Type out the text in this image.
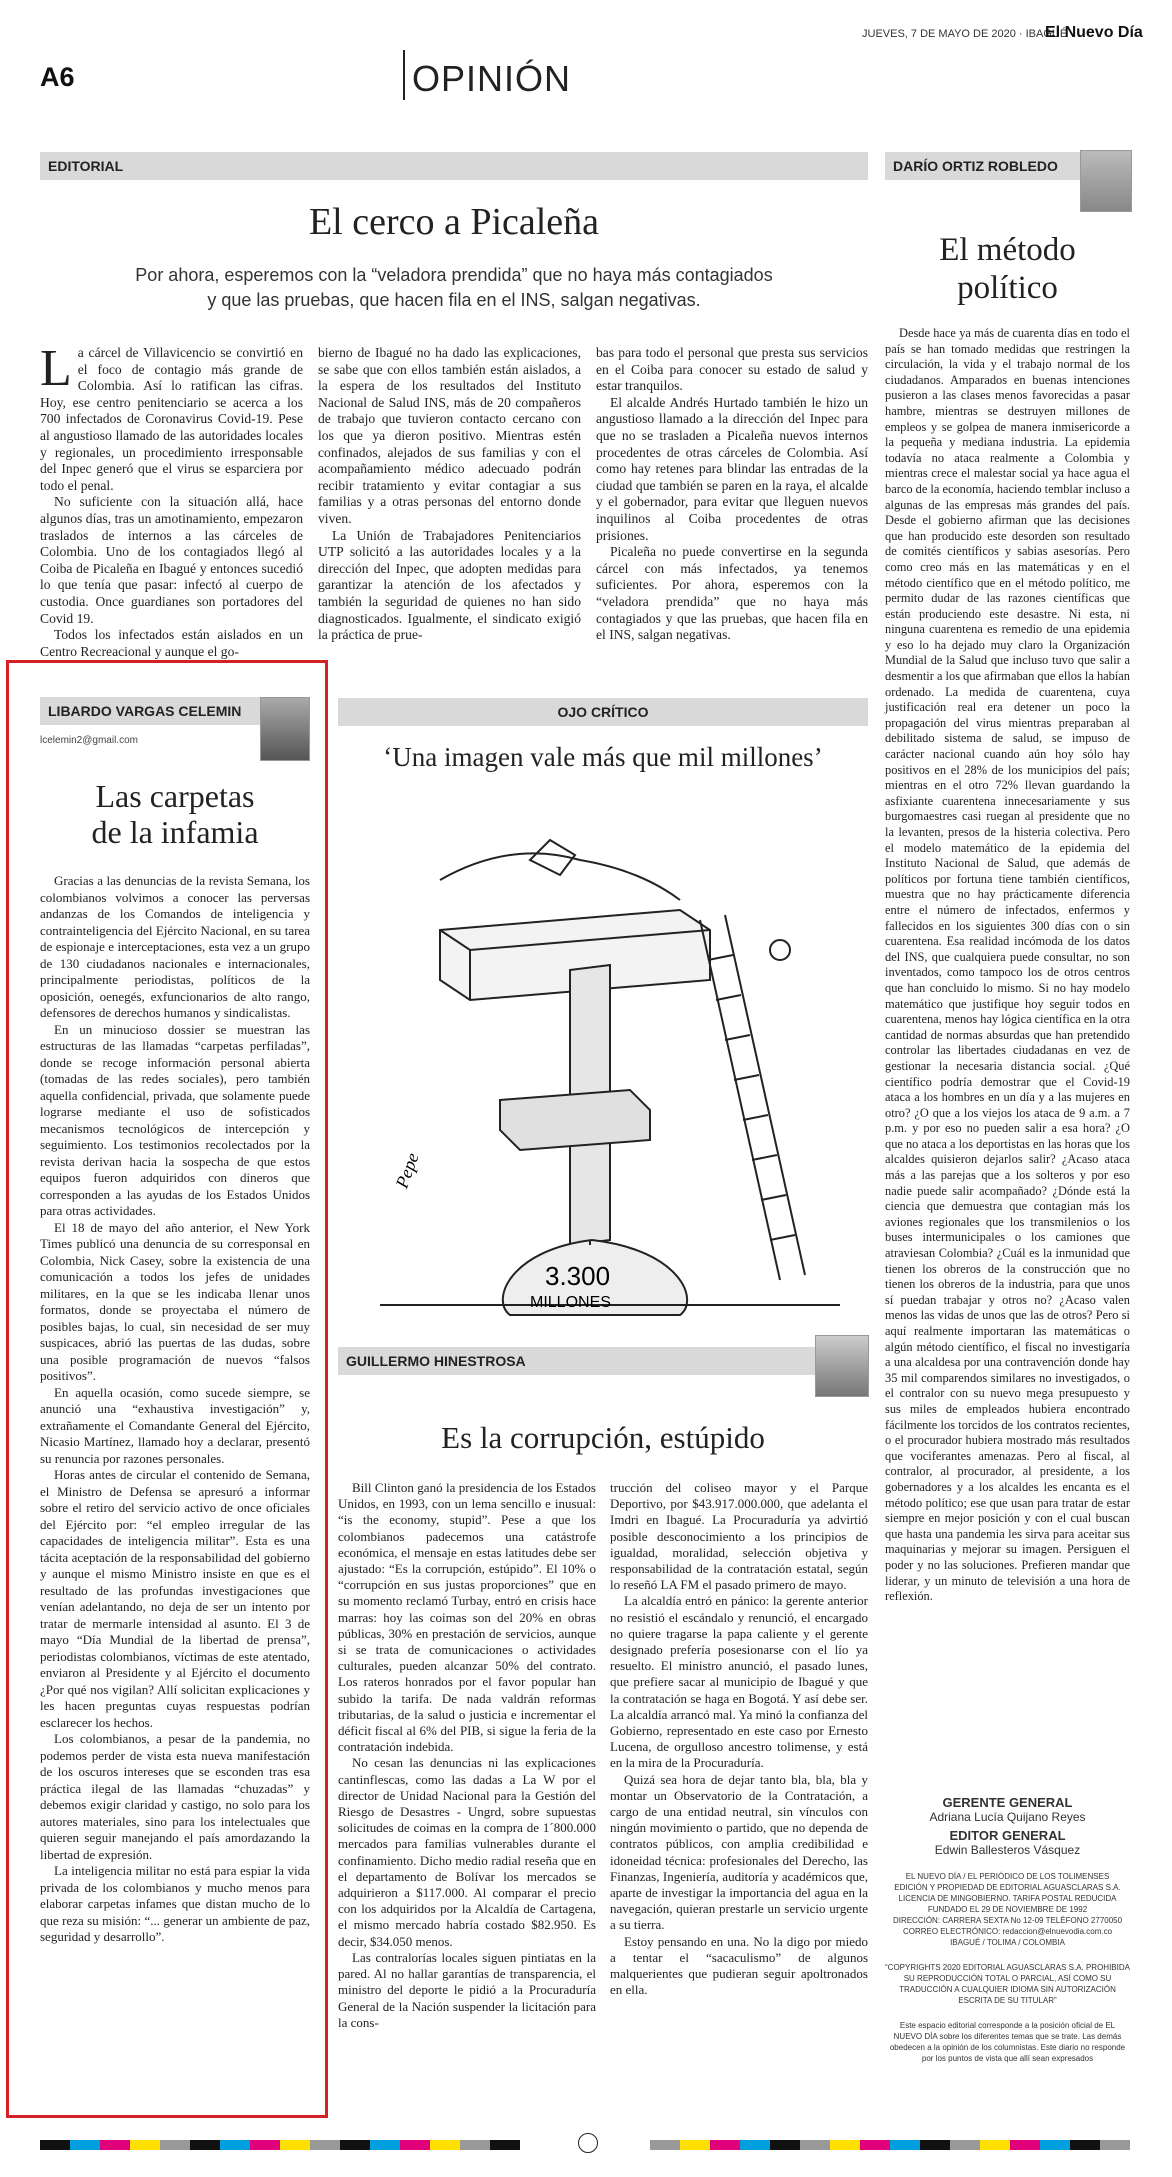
JUEVES, 7 DE MAYO DE 2020 · IBAGUÉ
El Nuevo Día
A6	OPINIÓN
EDITORIAL
El cerco a Picaleña
Por ahora, esperemos con la “veladora prendida” que no haya más contagiados
y que las pruebas, que hacen fila en el INS, salgan negativas.
L a cárcel de Villavicencio se convirtió en el foco de contagio más grande de Colombia. Así lo ratifican las cifras. Hoy, ese centro penitenciario se acerca a los 700 infectados de Coronavirus Covid-19. Pese al angustioso llamado de las autoridades locales y regionales, un procedimiento irresponsable del Inpec generó que el virus se esparciera por todo el penal.

No suficiente con la situación allá, hace algunos días, tras un amotinamiento, empezaron traslados de internos a las cárceles de Colombia. Uno de los contagiados llegó al Coiba de Picaleña en Ibagué y entonces sucedió lo que tenía que pasar: infectó al cuerpo de custodia. Once guardianes son portadores del Covid 19.

Todos los infectados están aislados en un Centro Recreacional y aunque el go-

bierno de Ibagué no ha dado las explicaciones, se sabe que con ellos también están aislados, a la espera de los resultados del Instituto Nacional de Salud INS, más de 20 compañeros de trabajo que tuvieron contacto cercano con los que ya dieron positivo. Mientras estén confinados, alejados de sus familias y con el acompañamiento médico adecuado podrán recibir tratamiento y evitar contagiar a sus familias y a otras personas del entorno donde viven.

La Unión de Trabajadores Penitenciarios UTP solicitó a las autoridades locales y a la dirección del Inpec, que adopten medidas para garantizar la atención de los afectados y también la seguridad de quienes no han sido diagnosticados. Igualmente, el sindicato exigió la práctica de prue-

bas para todo el personal que presta sus servicios en el Coiba para conocer su estado de salud y estar tranquilos.

El alcalde Andrés Hurtado también le hizo un angustioso llamado a la dirección del Inpec para que no se trasladen a Picaleña nuevos internos procedentes de otras cárceles de Colombia. Así como hay retenes para blindar las entradas de la ciudad que también se paren en la raya, el alcalde y el gobernador, para evitar que lleguen nuevos inquilinos al Coiba procedentes de otras prisiones.

Picaleña no puede convertirse en la segunda cárcel con más infectados, ya tenemos suficientes. Por ahora, esperemos con la “veladora prendida” que no haya más contagiados y que las pruebas, que hacen fila en el INS, salgan negativas.

DARÍO ORTIZ ROBLEDO
El método
político

Desde hace ya más de cuarenta días en todo el país se han tomado medidas que restringen la circulación, la vida y el trabajo normal de los ciudadanos. Amparados en buenas intenciones pusieron a las clases menos favorecidas a pasar hambre, mientras se destruyen millones de empleos y se golpea de manera inmisericorde a la pequeña y mediana industria. La epidemia todavía no ataca realmente a Colombia y mientras crece el malestar social ya hace agua el barco de la economía, haciendo temblar incluso a algunas de las empresas más grandes del país. Desde el gobierno afirman que las decisiones que han producido este desorden son resultado de comités científicos y sabias asesorías. Pero como creo más en las matemáticas y en el método científico que en el método político, me permito dudar de las razones científicas que están produciendo este desastre. Ni esta, ni ninguna cuarentena es remedio de una epidemia y eso lo ha dejado muy claro la Organización Mundial de la Salud que incluso tuvo que salir a desmentir a los que afirmaban que ellos la habían ordenado. La medida de cuarentena, cuya justificación real era detener un poco la propagación del virus mientras preparaban al debilitado sistema de salud, se impuso de carácter nacional cuando aún hoy sólo hay positivos en el 28% de los municipios del país; mientras en el otro 72% llevan guardando la asfixiante cuarentena innecesariamente y sus burgomaestres casi ruegan al presidente que no la levanten, presos de la histeria colectiva. Pero el modelo matemático de la epidemia del Instituto Nacional de Salud, que además de políticos por fortuna tiene también científicos, muestra que no hay prácticamente diferencia entre el número de infectados, enfermos y fallecidos en los siguientes 300 días con o sin cuarentena. Esa realidad incómoda de los datos del INS, que cualquiera puede consultar, no son inventados, como tampoco los de otros centros que han concluido lo mismo. Si no hay modelo matemático que justifique hoy seguir todos en cuarentena, menos hay lógica científica en la otra cantidad de normas absurdas que han pretendido controlar las libertades ciudadanas en vez de gestionar la necesaria distancia social. ¿Qué científico podría demostrar que el Covid-19 ataca a los hombres en un día y a las mujeres en otro? ¿O que a los viejos los ataca de 9 a.m. a 7 p.m. y por eso no pueden salir a esa hora? ¿O que no ataca a los deportistas en las horas que los alcaldes quisieron dejarlos salir? ¿Acaso ataca más a las parejas que a los solteros y por eso nadie puede salir acompañado? ¿Dónde está la ciencia que demuestra que contagian más los aviones regionales que los transmilenios o los buses intermunicipales o los camiones que atraviesan Colombia? ¿Cuál es la inmunidad que tienen los obreros de la construcción que no tienen los obreros de la industria, para que unos sí puedan trabajar y otros no? ¿Acaso valen menos las vidas de unos que las de otros? Pero si aquí realmente importaran las matemáticas o algún método científico, el fiscal no investigaría a una alcaldesa por una contravención donde hay 35 mil comparendos similares no investigados, o el contralor con su nuevo mega presupuesto y sus miles de empleados hubiera encontrado fácilmente los torcidos de los contratos recientes, o el procurador hubiera mostrado más resultados que vociferantes amenazas. Pero al fiscal, al contralor, al procurador, al presidente, a los gobernadores y a los alcaldes les encanta es el método político; ese que usan para tratar de estar siempre en mejor posición y con el cual buscan que hasta una pandemia les sirva para aceitar sus maquinarias y mejorar su imagen. Persiguen el poder y no las soluciones. Prefieren mandar que liderar, y un minuto de televisión a una hora de reflexión.

LIBARDO VARGAS CELEMIN
lcelemin2@gmail.com
Las carpetas
de la infamia

Gracias a las denuncias de la revista Semana, los colombianos volvimos a conocer las perversas andanzas de los Comandos de inteligencia y contrainteligencia del Ejército Nacional, en su tarea de espionaje e interceptaciones, esta vez a un grupo de 130 ciudadanos nacionales e internacionales, principalmente periodistas, políticos de la oposición, oenegés, exfuncionarios de alto rango, defensores de derechos humanos y sindicalistas.

En un minucioso dossier se muestran las estructuras de las llamadas “carpetas perfiladas”, donde se recoge información personal abierta (tomadas de las redes sociales), pero también aquella confidencial, privada, que solamente puede lograrse mediante el uso de sofisticados mecanismos tecnológicos de intercepción y seguimiento. Los testimonios recolectados por la revista derivan hacia la sospecha de que estos equipos fueron adquiridos con dineros que corresponden a las ayudas de los Estados Unidos para otras actividades.

El 18 de mayo del año anterior, el New York Times publicó una denuncia de su corresponsal en Colombia, Nick Casey, sobre la existencia de una comunicación a todos los jefes de unidades militares, en la que se les indicaba llenar unos formatos, donde se proyectaba el número de posibles bajas, lo cual, sin necesidad de ser muy suspicaces, abrió las puertas de las dudas, sobre una posible programación de nuevos “falsos positivos”.

En aquella ocasión, como sucede siempre, se anunció una “exhaustiva investigación” y, extrañamente el Comandante General del Ejército, Nicasio Martínez, llamado hoy a declarar, presentó su renuncia por razones personales.

Horas antes de circular el contenido de Semana, el Ministro de Defensa se apresuró a informar sobre el retiro del servicio activo de once oficiales del Ejército por: “el empleo irregular de las capacidades de inteligencia militar”. Esta es una tácita aceptación de la responsabilidad del gobierno y aunque el mismo Ministro insiste en que es el resultado de las profundas investigaciones que venían adelantando, no deja de ser un intento por tratar de mermarle intensidad al asunto. El 3 de mayo “Día Mundial de la libertad de prensa”, periodistas colombianos, víctimas de este atentado, enviaron al Presidente y al Ejército el documento ¿Por qué nos vigilan? Allí solicitan explicaciones y les hacen preguntas cuyas respuestas podrían esclarecer los hechos.

Los colombianos, a pesar de la pandemia, no podemos perder de vista esta nueva manifestación de los oscuros intereses que se esconden tras esa práctica ilegal de las llamadas “chuzadas” y debemos exigir claridad y castigo, no solo para los autores materiales, sino para los intelectuales que quieren seguir manejando el país amordazando la libertad de expresión.

La inteligencia militar no está para espiar la vida privada de los colombianos y mucho menos para elaborar carpetas infames que distan mucho de lo que reza su misión: “... generar un ambiente de paz, seguridad y desarrollo”.

OJO CRÍTICO
‘Una imagen vale más que mil millones’
3.300
MILLONES
Pepe
GUILLERMO HINESTROSA
Es la corrupción, estúpido

Bill Clinton ganó la presidencia de los Estados Unidos, en 1993, con un lema sencillo e inusual: “is the economy, stupid”. Pese a que los colombianos padecemos una catástrofe económica, el mensaje en estas latitudes debe ser ajustado: “Es la corrupción, estúpido”. El 10% o “corrupción en sus justas proporciones” que en su momento reclamó Turbay, entró en crisis hace marras: hoy las coimas son del 20% en obras públicas, 30% en prestación de servicios, aunque si se trata de comunicaciones o actividades culturales, pueden alcanzar 50% del contrato. Los rateros honrados por el favor popular han subido la tarifa. De nada valdrán reformas tributarias, de la salud o justicia e incrementar el déficit fiscal al 6% del PIB, si sigue la feria de la contratación indebida.

No cesan las denuncias ni las explicaciones cantinflescas, como las dadas a La W por el director de Unidad Nacional para la Gestión del Riesgo de Desastres - Ungrd, sobre supuestas solicitudes de coimas en la compra de 1´800.000 mercados para familias vulnerables durante el confinamiento. Dicho medio radial reseña que en el departamento de Bolívar los mercados se adquirieron a $117.000. Al comparar el precio con los adquiridos por la Alcaldía de Cartagena, el mismo mercado habría costado $82.950. Es decir, $34.050 menos.

Las contralorías locales siguen pintiatas en la pared. Al no hallar garantías de transparencia, el ministro del deporte le pidió a la Procuraduría General de la Nación suspender la licitación para la cons-

trucción del coliseo mayor y el Parque Deportivo, por $43.917.000.000, que adelanta el Imdri en Ibagué. La Procuraduría ya advirtió posible desconocimiento a los principios de igualdad, moralidad, selección objetiva y responsabilidad de la contratación estatal, según lo reseñó LA FM el pasado primero de mayo.

La alcaldía entró en pánico: la gerente anterior no resistió el escándalo y renunció, el encargado no quiere tragarse la papa caliente y el gerente designado prefería posesionarse con el lío ya resuelto. El ministro anunció, el pasado lunes, que prefiere sacar al municipio de Ibagué y que la contratación se haga en Bogotá. Y así debe ser. La alcaldía arrancó mal. Ya minó la confianza del Gobierno, representado en este caso por Ernesto Lucena, de orgulloso ancestro tolimense, y está en la mira de la Procuraduría.

Quizá sea hora de dejar tanto bla, bla, bla y montar un Observatorio de la Contratación, a cargo de una entidad neutral, sin vínculos con ningún movimiento o partido, que no dependa de contratos públicos, con amplia credibilidad e idoneidad técnica: profesionales del Derecho, las Finanzas, Ingeniería, auditoría y académicos que, aparte de investigar la importancia del agua en la navegación, quieran prestarle un servicio urgente a su tierra.

Estoy pensando en una. No la digo por miedo a tentar el “sacaculismo” de algunos malquerientes que pudieran seguir apoltronados en ella.

GERENTE GENERAL
Adriana Lucía Quijano Reyes
EDITOR GENERAL
Edwin Ballesteros Vásquez
EL NUEVO DÍA / EL PERIÓDICO DE LOS TOLIMENSES
EDICIÓN Y PROPIEDAD DE EDITORIAL AGUASCLARAS S.A.
LICENCIA DE MINGOBIERNO. TARIFA POSTAL REDUCIDA
FUNDADO EL 29 DE NOVIEMBRE DE 1992
DIRECCIÓN: CARRERA SEXTA No 12-09 TELÉFONO 2770050
CORREO ELECTRÓNICO: redaccion@elnuevodia.com.co
IBAGUÉ / TOLIMA / COLOMBIA
“COPYRIGHTS 2020 EDITORIAL AGUASCLARAS S.A. PROHIBIDA SU REPRODUCCIÓN TOTAL O PARCIAL, ASÍ COMO SU TRADUCCIÓN A CUALQUIER IDIOMA SIN AUTORIZACIÓN ESCRITA DE SU TITULAR”
Este espacio editorial corresponde a la posición oficial de EL NUEVO DÍA sobre los diferentes temas que se trate. Las demás obedecen a la opinión de los columnistas. Este diario no responde por los puntos de vista que allí sean expresados
